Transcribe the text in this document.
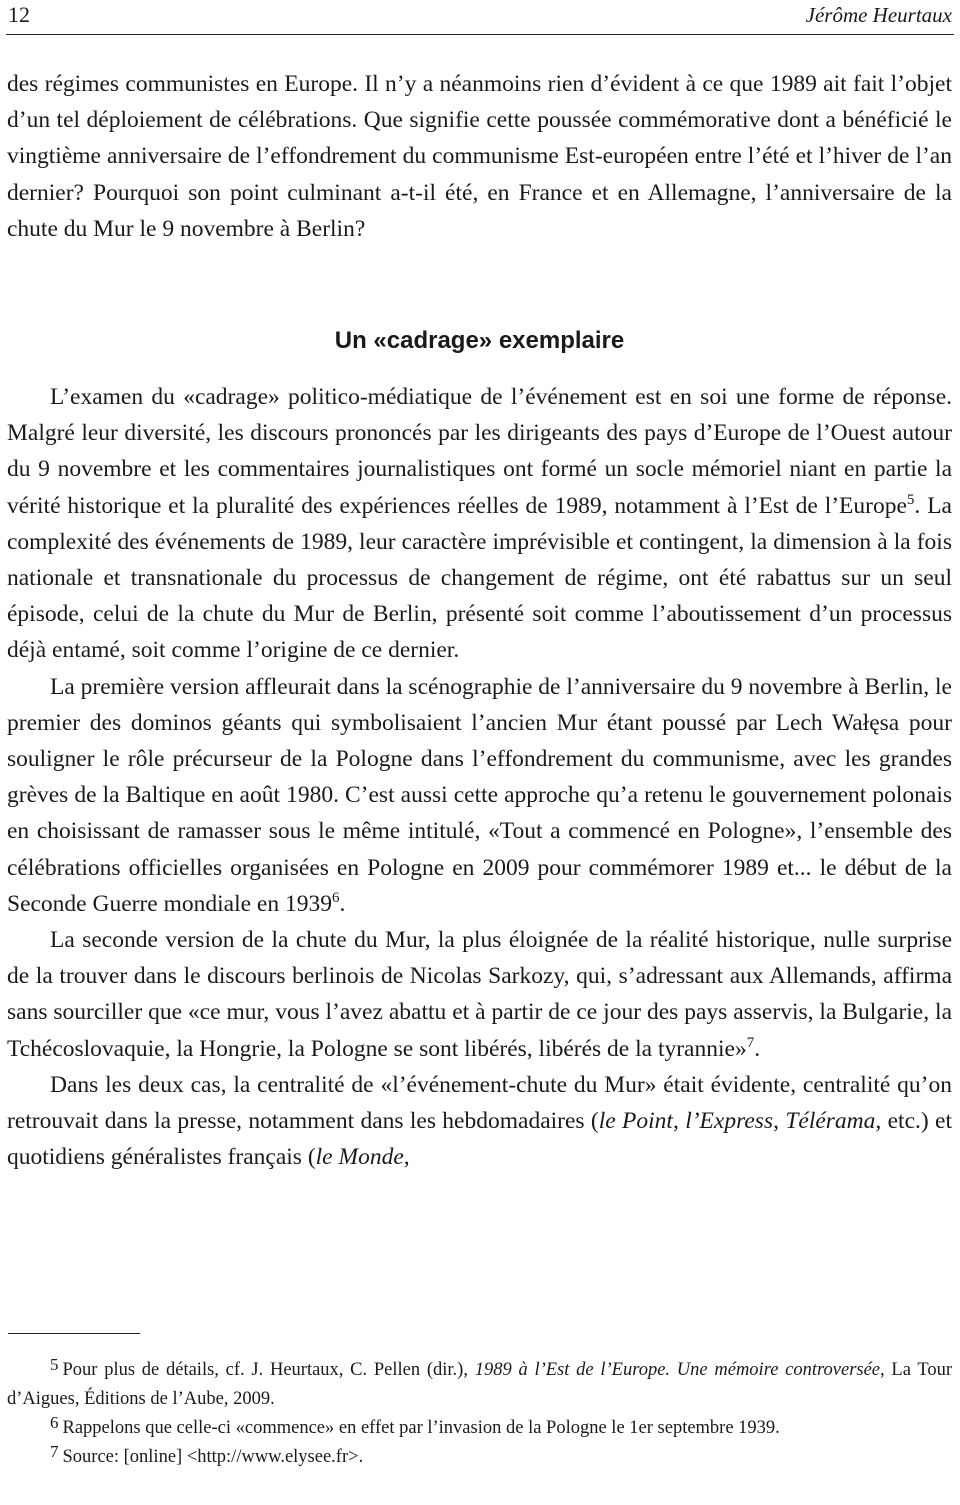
12	Jérôme Heurtaux

des régimes communistes en Europe. Il n’y a néanmoins rien d’évident à ce que 1989 ait fait l’objet d’un tel déploiement de célébrations. Que signifie cette poussée commémorative dont a bénéficié le vingtième anniversaire de l’effondrement du communisme Est-européen entre l’été et l’hiver de l’an dernier? Pourquoi son point culminant a-t-il été, en France et en Allemagne, l’anniversaire de la chute du Mur le 9 novembre à Berlin?

Un «cadrage» exemplaire

L’examen du «cadrage» politico-médiatique de l’événement est en soi une forme de réponse. Malgré leur diversité, les discours prononcés par les dirigeants des pays d’Europe de l’Ouest autour du 9 novembre et les commentaires journalistiques ont formé un socle mémoriel niant en partie la vérité historique et la pluralité des expériences réelles de 1989, notamment à l’Est de l’Europe$^5$. La complexité des événements de 1989, leur caractère imprévisible et contingent, la dimension à la fois nationale et transnationale du processus de changement de régime, ont été rabattus sur un seul épisode, celui de la chute du Mur de Berlin, présenté soit comme l’aboutissement d’un processus déjà entamé, soit comme l’origine de ce dernier.

La première version affleurait dans la scénographie de l’anniversaire du 9 novembre à Berlin, le premier des dominos géants qui symbolisaient l’ancien Mur étant poussé par Lech Wałęsa pour souligner le rôle précurseur de la Pologne dans l’effondrement du communisme, avec les grandes grèves de la Baltique en août 1980. C’est aussi cette approche qu’a retenu le gouvernement polonais en choisissant de ramasser sous le même intitulé, «Tout a commencé en Pologne», l’ensemble des célébrations officielles organisées en Pologne en 2009 pour commémorer 1989 et... le début de la Seconde Guerre mondiale en 1939$^6$.

La seconde version de la chute du Mur, la plus éloignée de la réalité historique, nulle surprise de la trouver dans le discours berlinois de Nicolas Sarkozy, qui, s’adressant aux Allemands, affirma sans sourciller que «ce mur, vous l’avez abattu et à partir de ce jour des pays asservis, la Bulgarie, la Tchécoslovaquie, la Hongrie, la Pologne se sont libérés, libérés de la tyrannie»$^7$.

Dans les deux cas, la centralité de «l’événement-chute du Mur» était évidente, centralité qu’on retrouvait dans la presse, notamment dans les hebdomadaires (le Point, l’Express, Télérama, etc.) et quotidiens généralistes français (le Monde,

5 Pour plus de détails, cf. J. Heurtaux, C. Pellen (dir.), 1989 à l’Est de l’Europe. Une mémoire controversée, La Tour d’Aigues, Éditions de l’Aube, 2009.

6 Rappelons que celle-ci «commence» en effet par l’invasion de la Pologne le 1er septembre 1939.

7 Source: [online] <http://www.elysee.fr>.
